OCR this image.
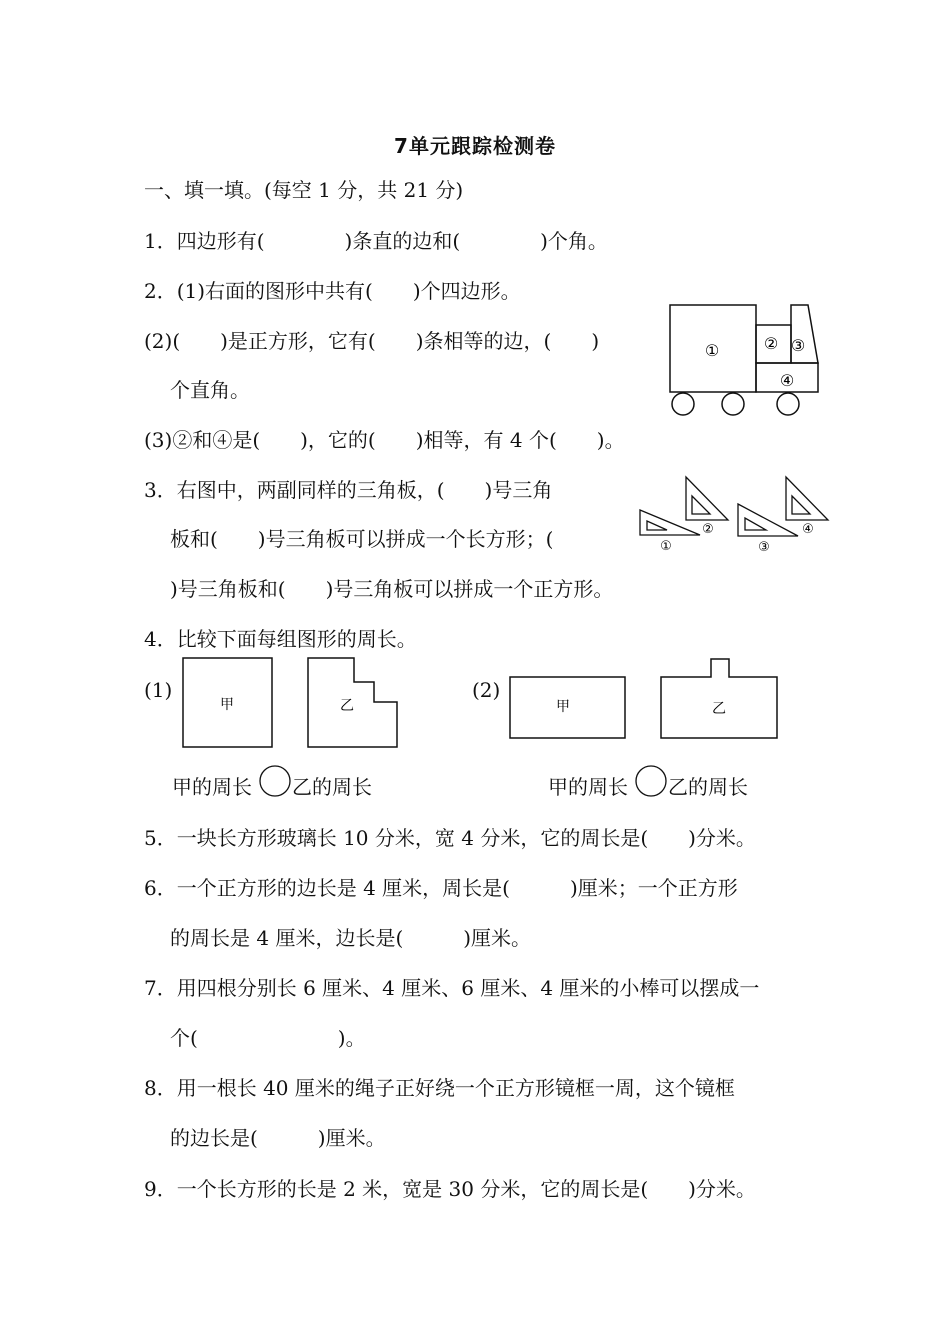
7单元跟踪检测卷
一、填一填。(每空 1 分，共 21 分)
1．四边形有(　　　　)条直的边和(　　　　)个角。
2．(1)右面的图形中共有(　　)个四边形。
(2)(　　)是正方形，它有(　　)条相等的边，(　　)
个直角。
(3)②和④是(　　)，它的(　　)相等，有 4 个(　　)。
①	② ③
④
3．右图中，两副同样的三角板，(　　)号三角
板和(　　)号三角板可以拼成一个长方形；(
)号三角板和(　　)号三角板可以拼成一个正方形。
①
②
③
④
4．比较下面每组图形的周长。
(1)	(2)
甲	乙	甲	乙
甲的周长 乙的周长	甲的周长 乙的周长
5．一块长方形玻璃长 10 分米，宽 4 分米，它的周长是(　　)分米。
6．一个正方形的边长是 4 厘米，周长是(　　　)厘米；一个正方形
的周长是 4 厘米，边长是(　　　)厘米。
7．用四根分别长 6 厘米、4 厘米、6 厘米、4 厘米的小棒可以摆成一
个(　　　　　　　)。
8．用一根长 40 厘米的绳子正好绕一个正方形镜框一周，这个镜框
的边长是(　　　)厘米。
9．一个长方形的长是 2 米，宽是 30 分米，它的周长是(　　)分米。
